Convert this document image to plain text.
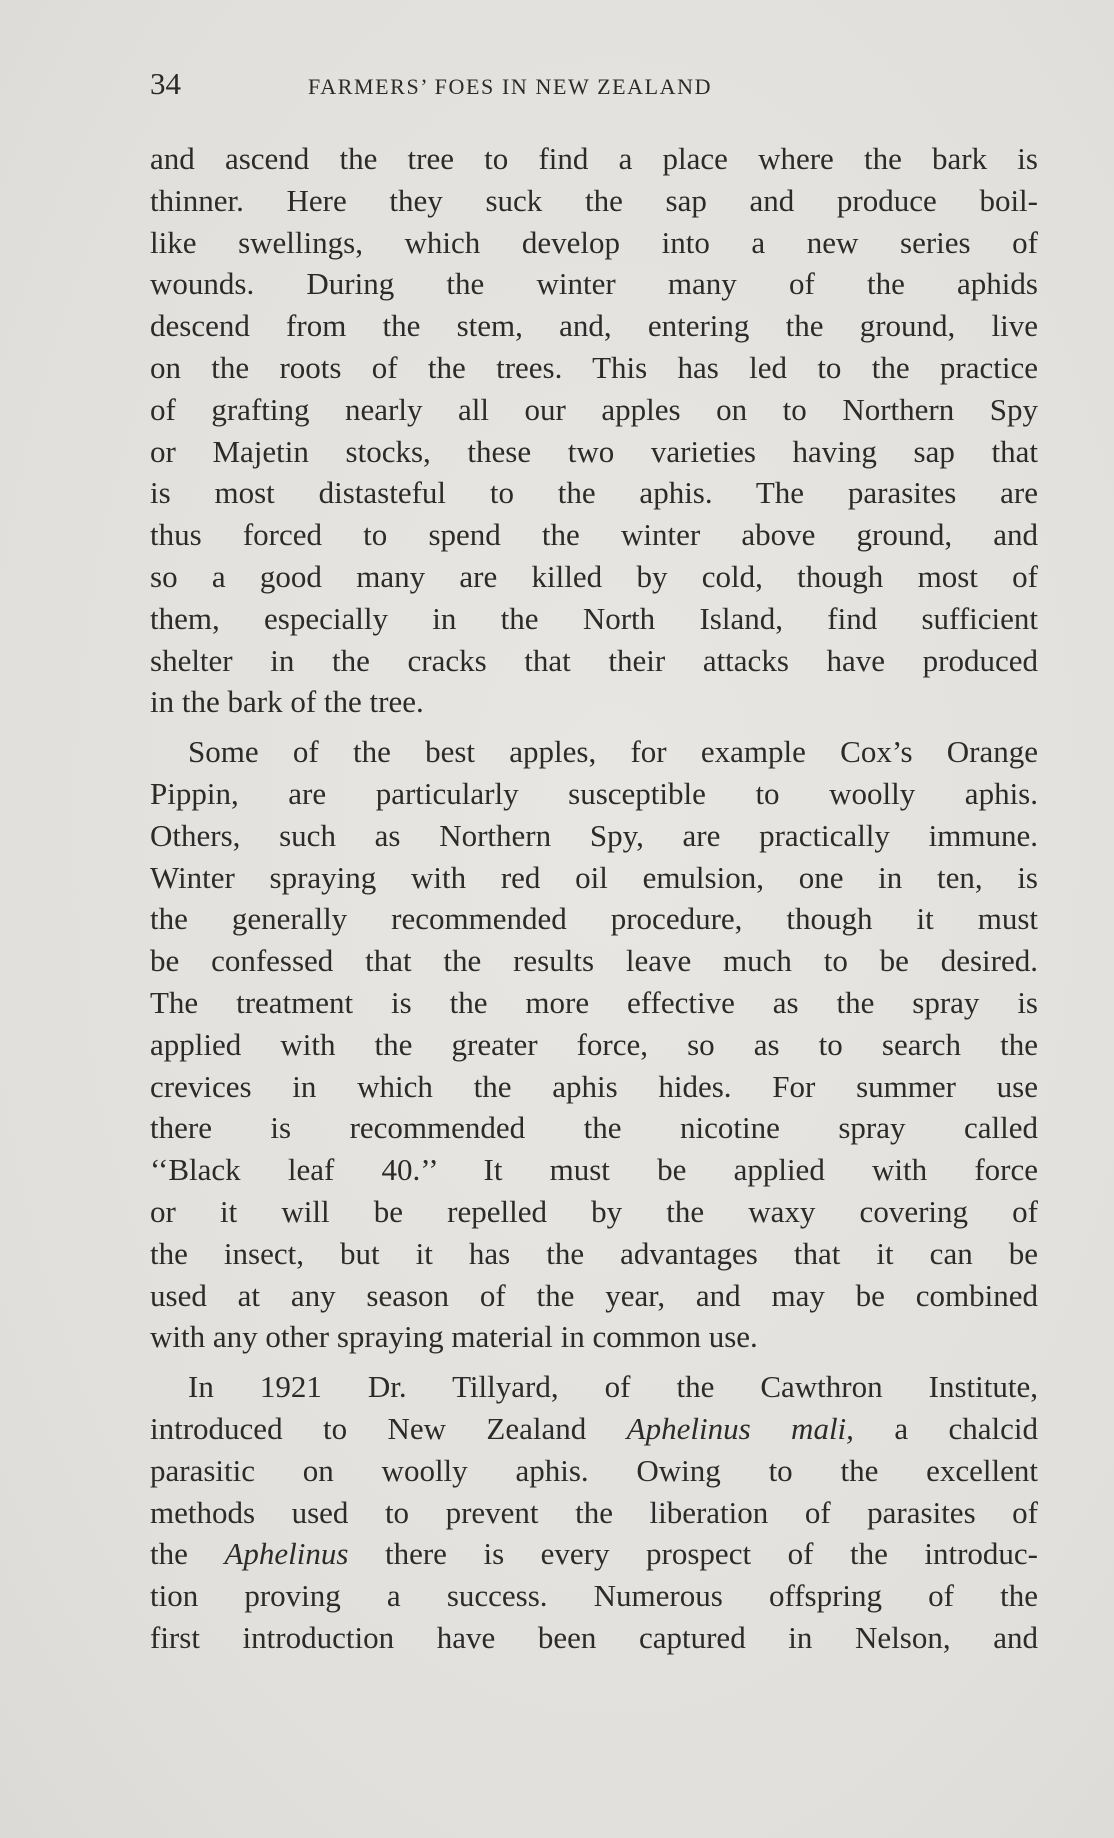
34	FARMERS’ FOES IN NEW ZEALAND
and ascend the tree to find a place where the bark is
thinner. Here they suck the sap and produce boil-
like swellings, which develop into a new series of
wounds. During the winter many of the aphids
descend from the stem, and, entering the ground, live
on the roots of the trees. This has led to the practice
of grafting nearly all our apples on to Northern Spy
or Majetin stocks, these two varieties having sap that
is most distasteful to the aphis. The parasites are
thus forced to spend the winter above ground, and
so a good many are killed by cold, though most of
them, especially in the North Island, find sufficient
shelter in the cracks that their attacks have produced
in the bark of the tree.
Some of the best apples, for example Cox’s Orange
Pippin, are particularly susceptible to woolly aphis.
Others, such as Northern Spy, are practically immune.
Winter spraying with red oil emulsion, one in ten, is
the generally recommended procedure, though it must
be confessed that the results leave much to be desired.
The treatment is the more effective as the spray is
applied with the greater force, so as to search the
crevices in which the aphis hides. For summer use
there is recommended the nicotine spray called
‘‘Black leaf 40.’’ It must be applied with force
or it will be repelled by the waxy covering of
the insect, but it has the advantages that it can be
used at any season of the year, and may be combined
with any other spraying material in common use.
In 1921 Dr. Tillyard, of the Cawthron Institute,
introduced to New Zealand Aphelinus mali, a chalcid
parasitic on woolly aphis. Owing to the excellent
methods used to prevent the liberation of parasites of
the Aphelinus there is every prospect of the introduc-
tion proving a success. Numerous offspring of the
first introduction have been captured in Nelson, and
